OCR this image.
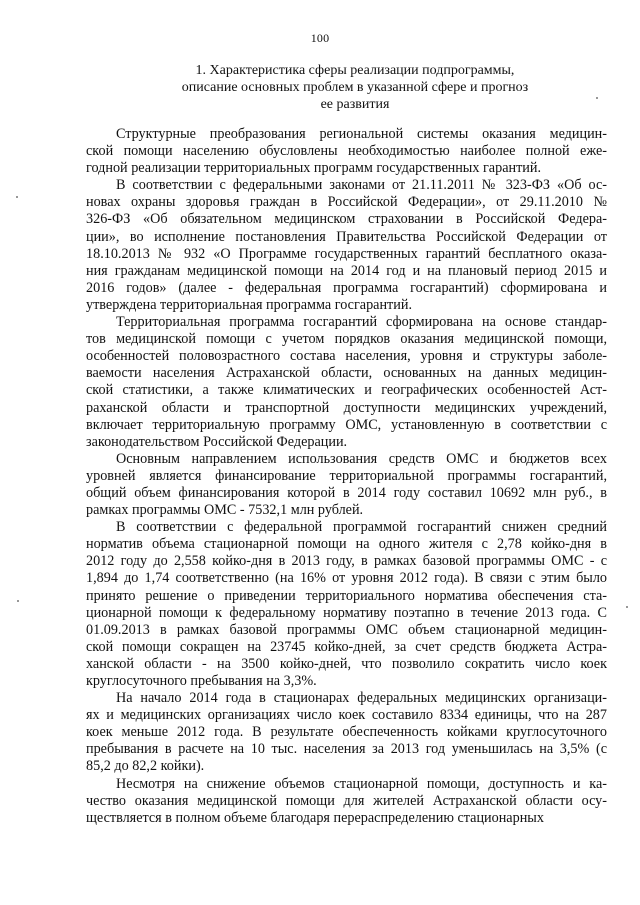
100
1. Характеристика сферы реализации подпрограммы,
описание основных проблем в указанной сфере и прогноз
ее развития
Структурные преобразования региональной системы оказания медицин-
ской помощи населению обусловлены необходимостью наиболее полной еже-
годной реализации территориальных программ государственных гарантий.
В соответствии с федеральными законами от 21.11.2011 № 323-ФЗ «Об ос-
новах охраны здоровья граждан в Российской Федерации», от 29.11.2010 №
326-ФЗ «Об обязательном медицинском страховании в Российской Федера-
ции», во исполнение постановления Правительства Российской Федерации от
18.10.2013 № 932 «О Программе государственных гарантий бесплатного оказа-
ния гражданам медицинской помощи на 2014 год и на плановый период 2015 и
2016 годов» (далее - федеральная программа госгарантий) сформирована и
утверждена территориальная программа госгарантий.
Территориальная программа госгарантий сформирована на основе стандар-
тов медицинской помощи с учетом порядков оказания медицинской помощи,
особенностей половозрастного состава населения, уровня и структуры заболе-
ваемости населения Астраханской области, основанных на данных медицин-
ской статистики, а также климатических и географических особенностей Аст-
раханской области и транспортной доступности медицинских учреждений,
включает территориальную программу ОМС, установленную в соответствии с
законодательством Российской Федерации.
Основным направлением использования средств ОМС и бюджетов всех
уровней является финансирование территориальной программы госгарантий,
общий объем финансирования которой в 2014 году составил 10692 млн руб., в
рамках программы ОМС - 7532,1 млн рублей.
В соответствии с федеральной программой госгарантий снижен средний
норматив объема стационарной помощи на одного жителя с 2,78 койко-дня в
2012 году до 2,558 койко-дня в 2013 году, в рамках базовой программы ОМС - с
1,894 до 1,74 соответственно (на 16% от уровня 2012 года). В связи с этим было
принято решение о приведении территориального норматива обеспечения ста-
ционарной помощи к федеральному нормативу поэтапно в течение 2013 года. С
01.09.2013 в рамках базовой программы ОМС объем стационарной медицин-
ской помощи сокращен на 23745 койко-дней, за счет средств бюджета Астра-
ханской области - на 3500 койко-дней, что позволило сократить число коек
круглосуточного пребывания на 3,3%.
На начало 2014 года в стационарах федеральных медицинских организаци-
ях и медицинских организациях число коек составило 8334 единицы, что на 287
коек меньше 2012 года. В результате обеспеченность койками круглосуточного
пребывания в расчете на 10 тыс. населения за 2013 год уменьшилась на 3,5% (с
85,2 до 82,2 койки).
Несмотря на снижение объемов стационарной помощи, доступность и ка-
чество оказания медицинской помощи для жителей Астраханской области осу-
ществляется в полном объеме благодаря перераспределению стационарных
